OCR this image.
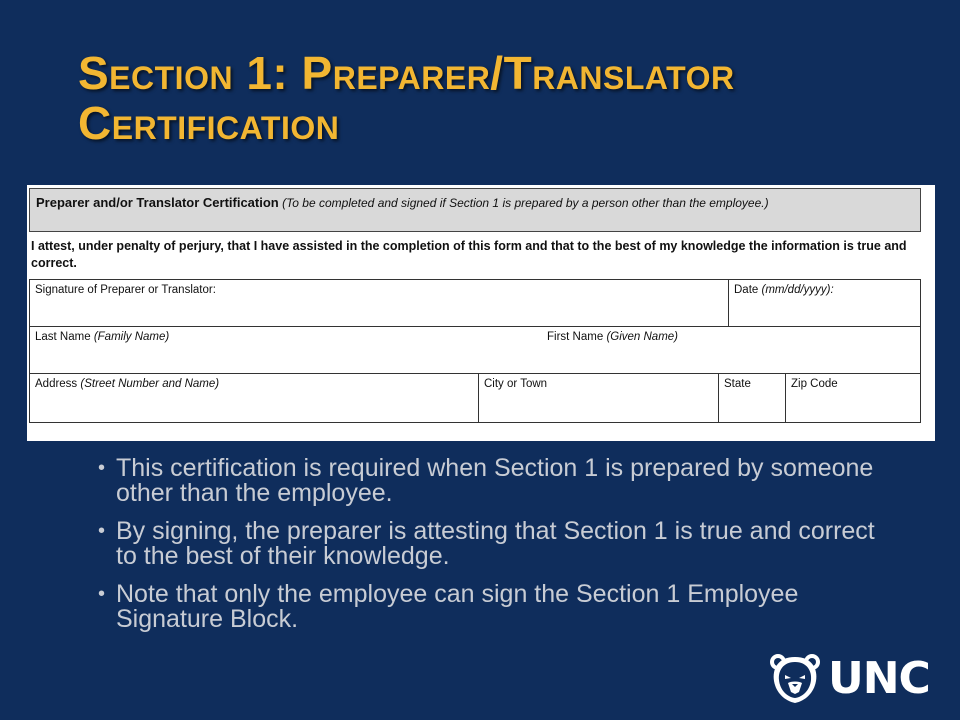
Section 1: Preparer/Translator
Certification
Preparer and/or Translator Certification (To be completed and signed if Section 1 is prepared by a person other than the employee.)
I attest, under penalty of perjury, that I have assisted in the completion of this form and that to the best of my knowledge the information is true and correct.
Signature of Preparer or Translator:	Date (mm/dd/yyyy):
Last Name (Family Name)	First Name (Given Name)
Address (Street Number and Name)	City or Town	State	Zip Code
• This certification is required when Section 1 is prepared by someone other than the employee.
• By signing, the preparer is attesting that Section 1 is true and correct to the best of their knowledge.
• Note that only the employee can sign the Section 1 Employee Signature Block.
UNC
